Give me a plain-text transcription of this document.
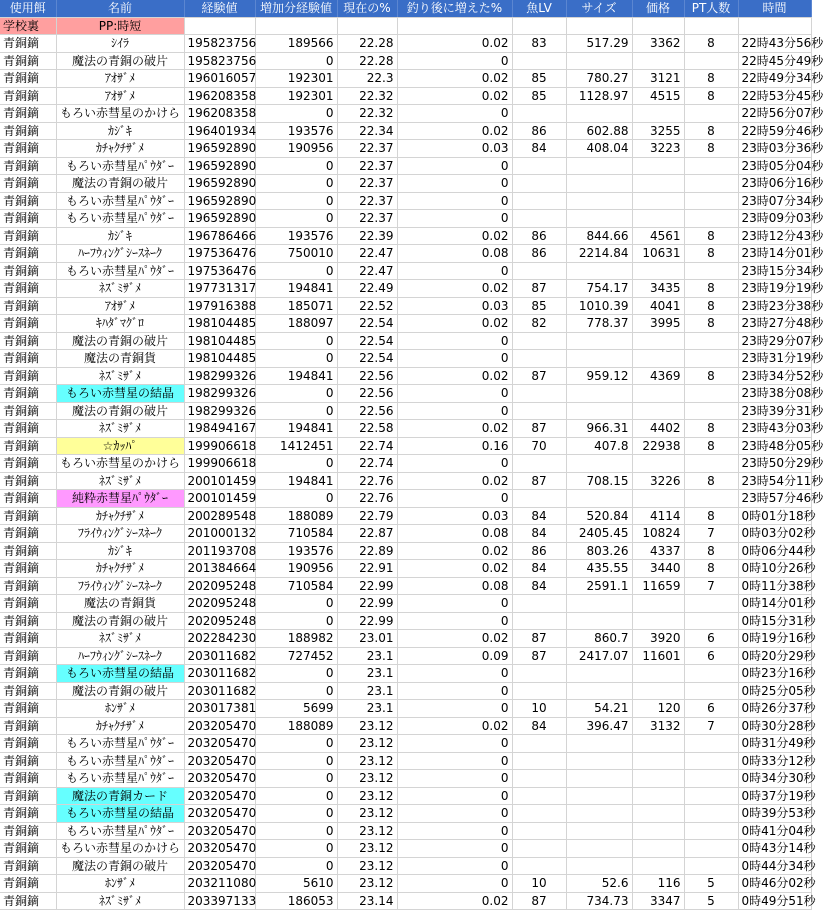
使用餌	名前	経験値	増加分経験値	現在の%	釣り後に増えた%	魚LV	サイズ	価格	PT人数	時間
学校裏	PP:時短									
青銅鏑	ｼｲﾗ	195823756	189566	22.28	0.02	83	517.29	3362	8	22時43分56秒
青銅鏑	魔法の青銅の破片	195823756	0	22.28	0					22時45分49秒
青銅鏑	ｱｵｻﾞﾒ	196016057	192301	22.3	0.02	85	780.27	3121	8	22時49分34秒
青銅鏑	ｱｵｻﾞﾒ	196208358	192301	22.32	0.02	85	1128.97	4515	8	22時53分45秒
青銅鏑	もろい赤彗星のかけら	196208358	0	22.32	0					22時56分07秒
青銅鏑	ｶｼﾞｷ	196401934	193576	22.34	0.02	86	602.88	3255	8	22時59分46秒
青銅鏑	ｶﾁｬｸﾁｻﾞﾒ	196592890	190956	22.37	0.03	84	408.04	3223	8	23時03分36秒
青銅鏑	もろい赤彗星ﾊﾟｳﾀﾞｰ	196592890	0	22.37	0					23時05分04秒
青銅鏑	魔法の青銅の破片	196592890	0	22.37	0					23時06分16秒
青銅鏑	もろい赤彗星ﾊﾟｳﾀﾞｰ	196592890	0	22.37	0					23時07分34秒
青銅鏑	もろい赤彗星ﾊﾟｳﾀﾞｰ	196592890	0	22.37	0					23時09分03秒
青銅鏑	ｶｼﾞｷ	196786466	193576	22.39	0.02	86	844.66	4561	8	23時12分43秒
青銅鏑	ﾊｰﾌｳｨﾝｸﾞｼｰｽﾈｰｸ	197536476	750010	22.47	0.08	86	2214.84	10631	8	23時14分01秒
青銅鏑	もろい赤彗星ﾊﾟｳﾀﾞｰ	197536476	0	22.47	0					23時15分34秒
青銅鏑	ﾈｽﾞﾐｻﾞﾒ	197731317	194841	22.49	0.02	87	754.17	3435	8	23時19分19秒
青銅鏑	ｱｵｻﾞﾒ	197916388	185071	22.52	0.03	85	1010.39	4041	8	23時23分38秒
青銅鏑	ｷﾊﾀﾞﾏｸﾞﾛ	198104485	188097	22.54	0.02	82	778.37	3995	8	23時27分48秒
青銅鏑	魔法の青銅の破片	198104485	0	22.54	0					23時29分07秒
青銅鏑	魔法の青銅貨	198104485	0	22.54	0					23時31分19秒
青銅鏑	ﾈｽﾞﾐｻﾞﾒ	198299326	194841	22.56	0.02	87	959.12	4369	8	23時34分52秒
青銅鏑	もろい赤彗星の結晶	198299326	0	22.56	0					23時38分08秒
青銅鏑	魔法の青銅の破片	198299326	0	22.56	0					23時39分31秒
青銅鏑	ﾈｽﾞﾐｻﾞﾒ	198494167	194841	22.58	0.02	87	966.31	4402	8	23時43分03秒
青銅鏑	☆ｶｯﾊﾟ	199906618	1412451	22.74	0.16	70	407.8	22938	8	23時48分05秒
青銅鏑	もろい赤彗星のかけら	199906618	0	22.74	0					23時50分29秒
青銅鏑	ﾈｽﾞﾐｻﾞﾒ	200101459	194841	22.76	0.02	87	708.15	3226	8	23時54分11秒
青銅鏑	純粋赤彗星ﾊﾟｳﾀﾞｰ	200101459	0	22.76	0					23時57分46秒
青銅鏑	ｶﾁｬｸﾁｻﾞﾒ	200289548	188089	22.79	0.03	84	520.84	4114	8	0時01分18秒
青銅鏑	ﾌﾗｲｳｨﾝｸﾞｼｰｽﾈｰｸ	201000132	710584	22.87	0.08	84	2405.45	10824	7	0時03分02秒
青銅鏑	ｶｼﾞｷ	201193708	193576	22.89	0.02	86	803.26	4337	8	0時06分44秒
青銅鏑	ｶﾁｬｸﾁｻﾞﾒ	201384664	190956	22.91	0.02	84	435.55	3440	8	0時10分26秒
青銅鏑	ﾌﾗｲｳｨﾝｸﾞｼｰｽﾈｰｸ	202095248	710584	22.99	0.08	84	2591.1	11659	7	0時11分38秒
青銅鏑	魔法の青銅貨	202095248	0	22.99	0					0時14分01秒
青銅鏑	魔法の青銅の破片	202095248	0	22.99	0					0時15分31秒
青銅鏑	ﾈｽﾞﾐｻﾞﾒ	202284230	188982	23.01	0.02	87	860.7	3920	6	0時19分16秒
青銅鏑	ﾊｰﾌｳｨﾝｸﾞｼｰｽﾈｰｸ	203011682	727452	23.1	0.09	87	2417.07	11601	6	0時20分29秒
青銅鏑	もろい赤彗星の結晶	203011682	0	23.1	0					0時23分16秒
青銅鏑	魔法の青銅の破片	203011682	0	23.1	0					0時25分05秒
青銅鏑	ﾎﾝｻﾞﾒ	203017381	5699	23.1	0	10	54.21	120	6	0時26分37秒
青銅鏑	ｶﾁｬｸﾁｻﾞﾒ	203205470	188089	23.12	0.02	84	396.47	3132	7	0時30分28秒
青銅鏑	もろい赤彗星ﾊﾟｳﾀﾞｰ	203205470	0	23.12	0					0時31分49秒
青銅鏑	もろい赤彗星ﾊﾟｳﾀﾞｰ	203205470	0	23.12	0					0時33分12秒
青銅鏑	もろい赤彗星ﾊﾟｳﾀﾞｰ	203205470	0	23.12	0					0時34分30秒
青銅鏑	魔法の青銅カード	203205470	0	23.12	0					0時37分19秒
青銅鏑	もろい赤彗星の結晶	203205470	0	23.12	0					0時39分53秒
青銅鏑	もろい赤彗星ﾊﾟｳﾀﾞｰ	203205470	0	23.12	0					0時41分04秒
青銅鏑	もろい赤彗星のかけら	203205470	0	23.12	0					0時43分14秒
青銅鏑	魔法の青銅の破片	203205470	0	23.12	0					0時44分34秒
青銅鏑	ﾎﾝｻﾞﾒ	203211080	5610	23.12	0	10	52.6	116	5	0時46分02秒
青銅鏑	ﾈｽﾞﾐｻﾞﾒ	203397133	186053	23.14	0.02	87	734.73	3347	5	0時49分51秒
